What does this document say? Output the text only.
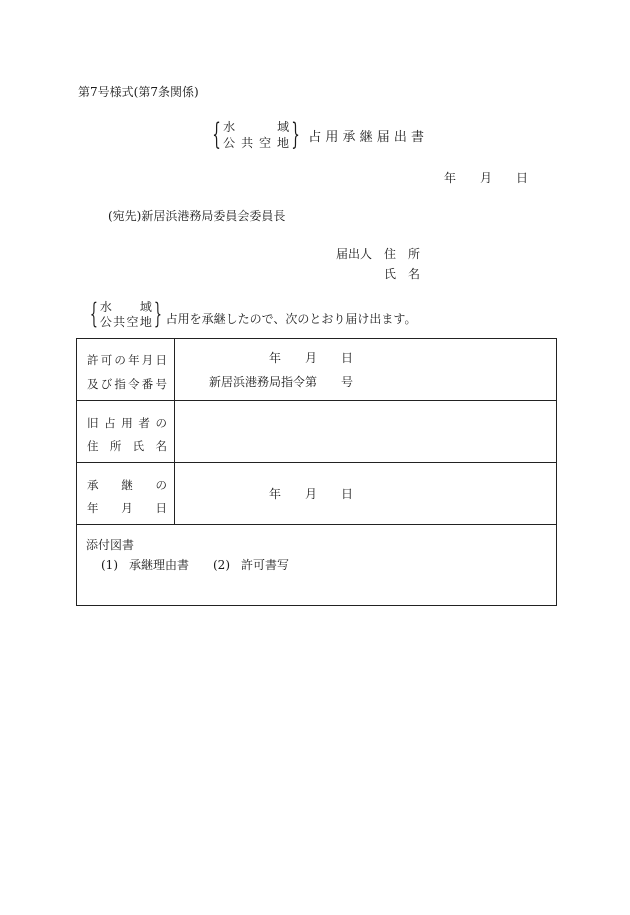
第7号様式(第7条関係)
{ 水	域
公 共 空 地 } 占 用 承 継 届 出 書
年 月 日
(宛先)新居浜港務局委員会委員長
届出人 住 所
氏 名
{ 水 域
公 共 空 地 } 占用を承継したので、次のとおり届け出ます。
許 可 の 年 月 日
及 び 指 令 番 号
年 月 日
新居浜港務局指令第 号
旧 占 用 者 の
住 所 氏 名
承 継 の
年 月 日
年 月 日
添付図書
(1) 承継理由書 (2) 許可書写
